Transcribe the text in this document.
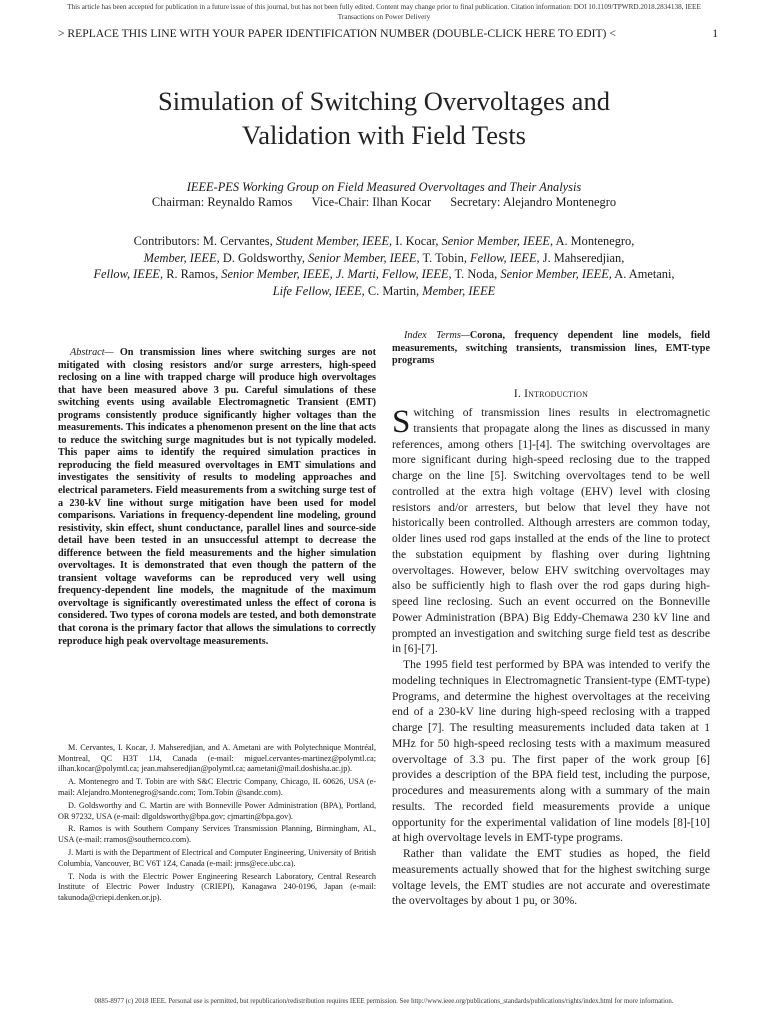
This article has been accepted for publication in a future issue of this journal, but has not been fully edited. Content may change prior to final publication. Citation information: DOI 10.1109/TPWRD.2018.2834138, IEEE
Transactions on Power Delivery
> REPLACE THIS LINE WITH YOUR PAPER IDENTIFICATION NUMBER (DOUBLE-CLICK HERE TO EDIT) <	1
Simulation of Switching Overvoltages and
Validation with Field Tests
IEEE-PES Working Group on Field Measured Overvoltages and Their Analysis
Chairman: Reynaldo Ramos Vice-Chair: Ilhan Kocar Secretary: Alejandro Montenegro
Contributors: M. Cervantes, Student Member, IEEE, I. Kocar, Senior Member, IEEE, A. Montenegro,
Member, IEEE, D. Goldsworthy, Senior Member, IEEE, T. Tobin, Fellow, IEEE, J. Mahseredjian,
Fellow, IEEE, R. Ramos, Senior Member, IEEE, J. Marti, Fellow, IEEE, T. Noda, Senior Member, IEEE, A. Ametani, Life Fellow, IEEE, C. Martin, Member, IEEE
Abstract— On transmission lines where switching surges are not mitigated with closing resistors and/or surge arresters, high-speed reclosing on a line with trapped charge will produce high overvoltages that have been measured above 3 pu. Careful simulations of these switching events using available Electromagnetic Transient (EMT) programs consistently produce significantly higher voltages than the measurements. This indicates a phenomenon present on the line that acts to reduce the switching surge magnitudes but is not typically modeled. This paper aims to identify the required simulation practices in reproducing the field measured overvoltages in EMT simulations and investigates the sensitivity of results to modeling approaches and electrical parameters. Field measurements from a switching surge test of a 230-kV line without surge mitigation have been used for model comparisons. Variations in frequency-dependent line modeling, ground resistivity, skin effect, shunt conductance, parallel lines and source-side detail have been tested in an unsuccessful attempt to decrease the difference between the field measurements and the higher simulation overvoltages. It is demonstrated that even though the pattern of the transient voltage waveforms can be reproduced very well using frequency-dependent line models, the magnitude of the maximum overvoltage is significantly overestimated unless the effect of corona is considered. Two types of corona models are tested, and both demonstrate that corona is the primary factor that allows the simulations to correctly reproduce high peak overvoltage measurements.

M. Cervantes, I. Kocar, J. Mahseredjian, and A. Ametani are with Polytechnique Montréal, Montreal, QC H3T 1J4, Canada (e-mail: miguel.cervantes-martinez@polymtl.ca; ilhan.kocar@polymtl.ca; jean.mahseredjian@polymtl.ca; aametani@mail.doshisha.ac.jp).

A. Montenegro and T. Tobin are with S&C Electric Company, Chicago, IL 60626, USA (e-mail: Alejandro.Montenegro@sandc.com; Tom.Tobin @sandc.com).

D. Goldsworthy and C. Martin are with Bonneville Power Administration (BPA), Portland, OR 97232, USA (e-mail: dlgoldsworthy@bpa.gov; cjmartin@bpa.gov).

R. Ramos is with Southern Company Services Transmission Planning, Birmingham, AL, USA (e-mail: rramos@southernco.com).

J. Marti is with the Department of Electrical and Computer Engineering, University of British Columbia, Vancouver, BC V6T 1Z4, Canada (e-mail: jrms@ece.ubc.ca).

T. Noda is with the Electric Power Engineering Research Laboratory, Central Research Institute of Electric Power Industry (CRIEPI), Kanagawa 240-0196, Japan (e-mail: takunoda@criepi.denken.or.jp).

Index Terms—Corona, frequency dependent line models, field measurements, switching transients, transmission lines, EMT-type programs
I. Introduction

Switching of transmission lines results in electromagnetic transients that propagate along the lines as discussed in many references, among others [1]-[4]. The switching overvoltages are more significant during high-speed reclosing due to the trapped charge on the line [5]. Switching overvoltages tend to be well controlled at the extra high voltage (EHV) level with closing resistors and/or arresters, but below that level they have not historically been controlled. Although arresters are common today, older lines used rod gaps installed at the ends of the line to protect the substation equipment by flashing over during lightning overvoltages. However, below EHV switching overvoltages may also be sufficiently high to flash over the rod gaps during high-speed line reclosing. Such an event occurred on the Bonneville Power Administration (BPA) Big Eddy-Chemawa 230 kV line and prompted an investigation and switching surge field test as describe in [6]-[7].

The 1995 field test performed by BPA was intended to verify the modeling techniques in Electromagnetic Transient-type (EMT-type) Programs, and determine the highest overvoltages at the receiving end of a 230-kV line during high-speed reclosing with a trapped charge [7]. The resulting measurements included data taken at 1 MHz for 50 high-speed reclosing tests with a maximum measured overvoltage of 3.3 pu. The first paper of the work group [6] provides a description of the BPA field test, including the purpose, procedures and measurements along with a summary of the main results. The recorded field measurements provide a unique opportunity for the experimental validation of line models [8]-[10] at high overvoltage levels in EMT-type programs.

Rather than validate the EMT studies as hoped, the field measurements actually showed that for the highest switching surge voltage levels, the EMT studies are not accurate and overestimate the overvoltages by about 1 pu, or 30%.

0885-8977 (c) 2018 IEEE. Personal use is permitted, but republication/redistribution requires IEEE permission. See http://www.ieee.org/publications_standards/publications/rights/index.html for more information.
